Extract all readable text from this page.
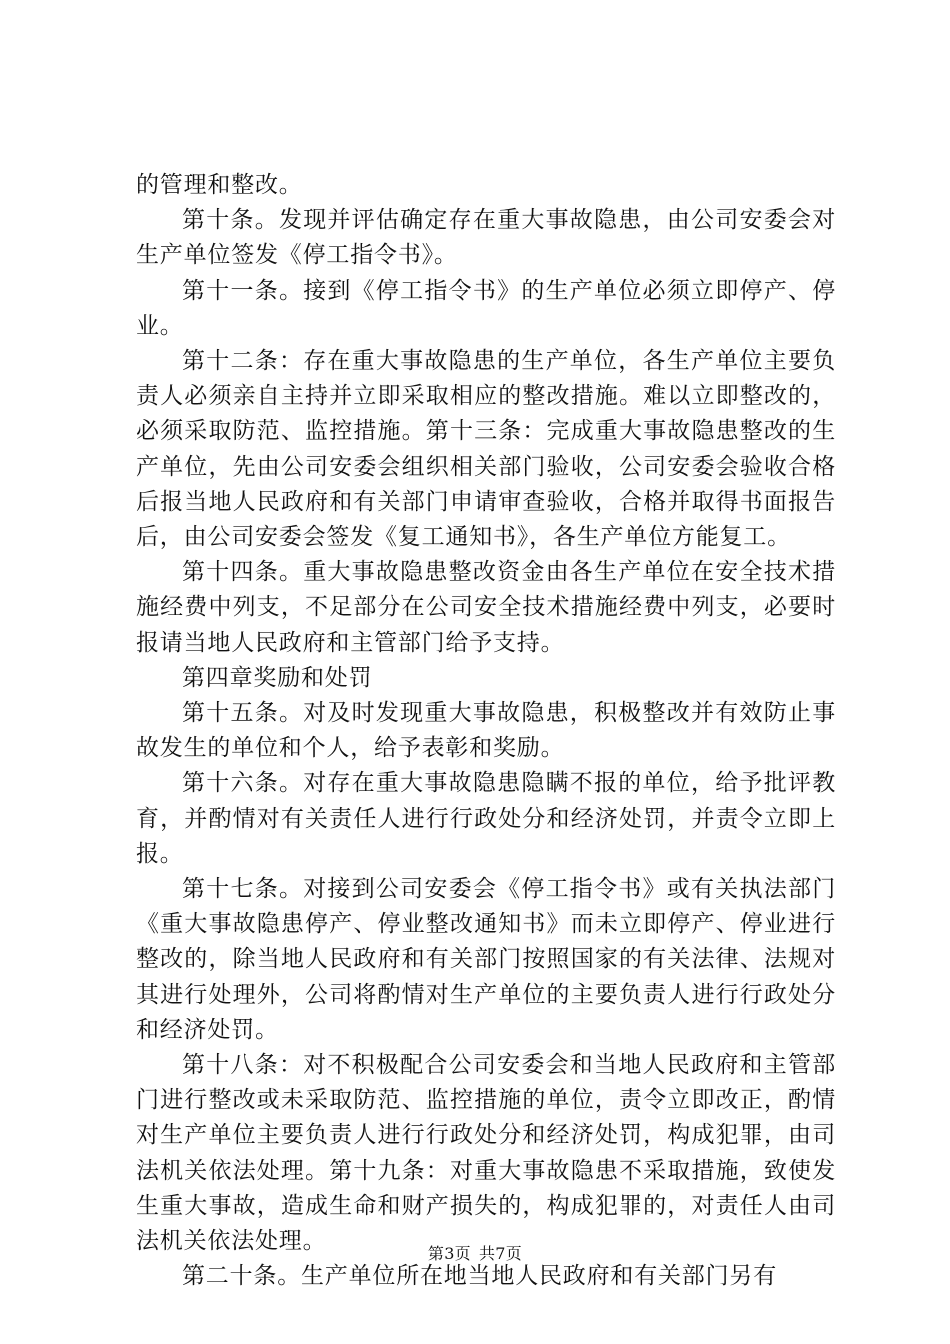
的管理和整改。

第十条。发现并评估确定存在重大事故隐患，由公司安委会对生产单位签发《停工指令书》。

第十一条。接到《停工指令书》的生产单位必须立即停产、停业。

第十二条：存在重大事故隐患的生产单位，各生产单位主要负责人必须亲自主持并立即采取相应的整改措施。难以立即整改的，必须采取防范、监控措施。第十三条：完成重大事故隐患整改的生产单位，先由公司安委会组织相关部门验收，公司安委会验收合格后报当地人民政府和有关部门申请审查验收，合格并取得书面报告后，由公司安委会签发《复工通知书》，各生产单位方能复工。

第十四条。重大事故隐患整改资金由各生产单位在安全技术措施经费中列支，不足部分在公司安全技术措施经费中列支，必要时报请当地人民政府和主管部门给予支持。

第四章奖励和处罚

第十五条。对及时发现重大事故隐患，积极整改并有效防止事故发生的单位和个人，给予表彰和奖励。

第十六条。对存在重大事故隐患隐瞒不报的单位，给予批评教育，并酌情对有关责任人进行行政处分和经济处罚，并责令立即上报。

第十七条。对接到公司安委会《停工指令书》或有关执法部门《重大事故隐患停产、停业整改通知书》而未立即停产、停业进行整改的，除当地人民政府和有关部门按照国家的有关法律、法规对其进行处理外，公司将酌情对生产单位的主要负责人进行行政处分和经济处罚。

第十八条：对不积极配合公司安委会和当地人民政府和主管部门进行整改或未采取防范、监控措施的单位，责令立即改正，酌情对生产单位主要负责人进行行政处分和经济处罚，构成犯罪，由司法机关依法处理。第十九条：对重大事故隐患不采取措施，致使发生重大事故，造成生命和财产损失的，构成犯罪的，对责任人由司法机关依法处理。

第二十条。生产单位所在地当地人民政府和有关部门另有

第3页 共7页
